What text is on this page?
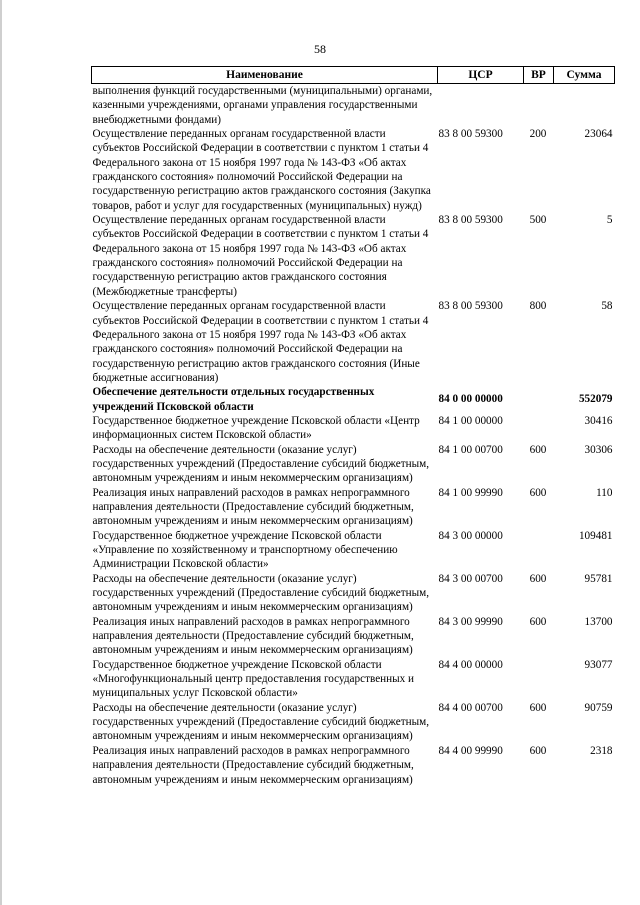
58
Наименование	ЦСР	ВР	Сумма
выполнения функций государственными (муниципальными) органами, казенными учреждениями, органами управления государственными внебюджетными фондами)			
Осуществление переданных органам государственной власти субъектов Российской Федерации в соответствии с пунктом 1 статьи 4 Федерального закона от 15 ноября 1997 года № 143-ФЗ «Об актах гражданского состояния» полномочий Российской Федерации на государственную регистрацию актов гражданского состояния (Закупка товаров, работ и услуг для государственных (муниципальных) нужд)	83 8 00 59300	200	23064
Осуществление переданных органам государственной власти субъектов Российской Федерации в соответствии с пунктом 1 статьи 4 Федерального закона от 15 ноября 1997 года № 143-ФЗ «Об актах гражданского состояния» полномочий Российской Федерации на государственную регистрацию актов гражданского состояния (Межбюджетные трансферты)	83 8 00 59300	500	5
Осуществление переданных органам государственной власти субъектов Российской Федерации в соответствии с пунктом 1 статьи 4 Федерального закона от 15 ноября 1997 года № 143-ФЗ «Об актах гражданского состояния» полномочий Российской Федерации на государственную регистрацию актов гражданского состояния (Иные бюджетные ассигнования)	83 8 00 59300	800	58
Обеспечение деятельности отдельных государственных учреждений Псковской области	84 0 00 00000		552079
Государственное бюджетное учреждение Псковской области «Центр информационных систем Псковской области»	84 1 00 00000		30416
Расходы на обеспечение деятельности (оказание услуг) государственных учреждений (Предоставление субсидий бюджетным, автономным учреждениям и иным некоммерческим организациям)	84 1 00 00700	600	30306
Реализация иных направлений расходов в рамках непрограммного направления деятельности (Предоставление субсидий бюджетным, автономным учреждениям и иным некоммерческим организациям)	84 1 00 99990	600	110
Государственное бюджетное учреждение Псковской области «Управление по хозяйственному и транспортному обеспечению Администрации Псковской области»	84 3 00 00000		109481
Расходы на обеспечение деятельности (оказание услуг) государственных учреждений (Предоставление субсидий бюджетным, автономным учреждениям и иным некоммерческим организациям)	84 3 00 00700	600	95781
Реализация иных направлений расходов в рамках непрограммного направления деятельности (Предоставление субсидий бюджетным, автономным учреждениям и иным некоммерческим организациям)	84 3 00 99990	600	13700
Государственное бюджетное учреждение Псковской области «Многофункциональный центр предоставления государственных и муниципальных услуг Псковской области»	84 4 00 00000		93077
Расходы на обеспечение деятельности (оказание услуг) государственных учреждений (Предоставление субсидий бюджетным, автономным учреждениям и иным некоммерческим организациям)	84 4 00 00700	600	90759
Реализация иных направлений расходов в рамках непрограммного направления деятельности (Предоставление субсидий бюджетным, автономным учреждениям и иным некоммерческим организациям)	84 4 00 99990	600	2318
